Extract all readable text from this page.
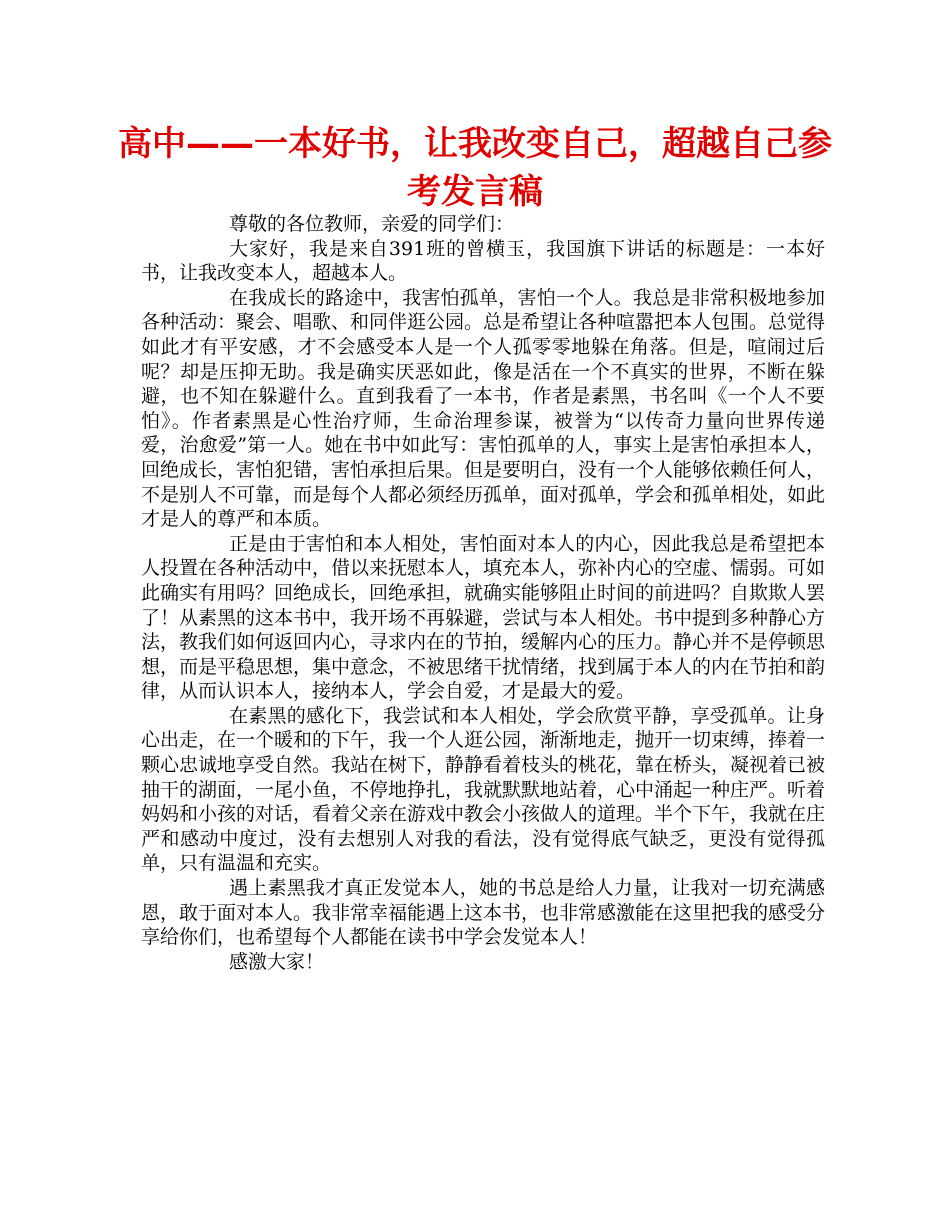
高中——一本好书，让我改变自己，超越自己参考发言稿

尊敬的各位教师，亲爱的同学们：

大家好，我是来自391班的曾横玉，我国旗下讲话的标题是：一本好书，让我改变本人，超越本人。

在我成长的路途中，我害怕孤单，害怕一个人。我总是非常积极地参加各种活动：聚会、唱歌、和同伴逛公园。总是希望让各种喧嚣把本人包围。总觉得如此才有平安感，才不会感受本人是一个人孤零零地躲在角落。但是，喧闹过后呢？却是压抑无助。我是确实厌恶如此，像是活在一个不真实的世界，不断在躲避，也不知在躲避什么。直到我看了一本书，作者是素黑，书名叫《一个人不要怕》。作者素黑是心性治疗师，生命治理参谋，被誉为“以传奇力量向世界传递爱，治愈爱”第一人。她在书中如此写：害怕孤单的人，事实上是害怕承担本人，回绝成长，害怕犯错，害怕承担后果。但是要明白，没有一个人能够依赖任何人，不是别人不可靠，而是每个人都必须经历孤单，面对孤单，学会和孤单相处，如此才是人的尊严和本质。

正是由于害怕和本人相处，害怕面对本人的内心，因此我总是希望把本人投置在各种活动中，借以来抚慰本人，填充本人，弥补内心的空虚、懦弱。可如此确实有用吗？回绝成长，回绝承担，就确实能够阻止时间的前进吗？自欺欺人罢了！从素黑的这本书中，我开场不再躲避，尝试与本人相处。书中提到多种静心方法，教我们如何返回内心，寻求内在的节拍，缓解内心的压力。静心并不是停顿思想，而是平稳思想，集中意念，不被思绪干扰情绪，找到属于本人的内在节拍和韵律，从而认识本人，接纳本人，学会自爱，才是最大的爱。

在素黑的感化下，我尝试和本人相处，学会欣赏平静，享受孤单。让身心出走，在一个暖和的下午，我一个人逛公园，渐渐地走，抛开一切束缚，捧着一颗心忠诚地享受自然。我站在树下，静静看着枝头的桃花，靠在桥头，凝视着已被抽干的湖面，一尾小鱼，不停地挣扎，我就默默地站着，心中涌起一种庄严。听着妈妈和小孩的对话，看着父亲在游戏中教会小孩做人的道理。半个下午，我就在庄严和感动中度过，没有去想别人对我的看法，没有觉得底气缺乏，更没有觉得孤单，只有温温和充实。

遇上素黑我才真正发觉本人，她的书总是给人力量，让我对一切充满感恩，敢于面对本人。我非常幸福能遇上这本书，也非常感激能在这里把我的感受分享给你们，也希望每个人都能在读书中学会发觉本人！

感激大家！
